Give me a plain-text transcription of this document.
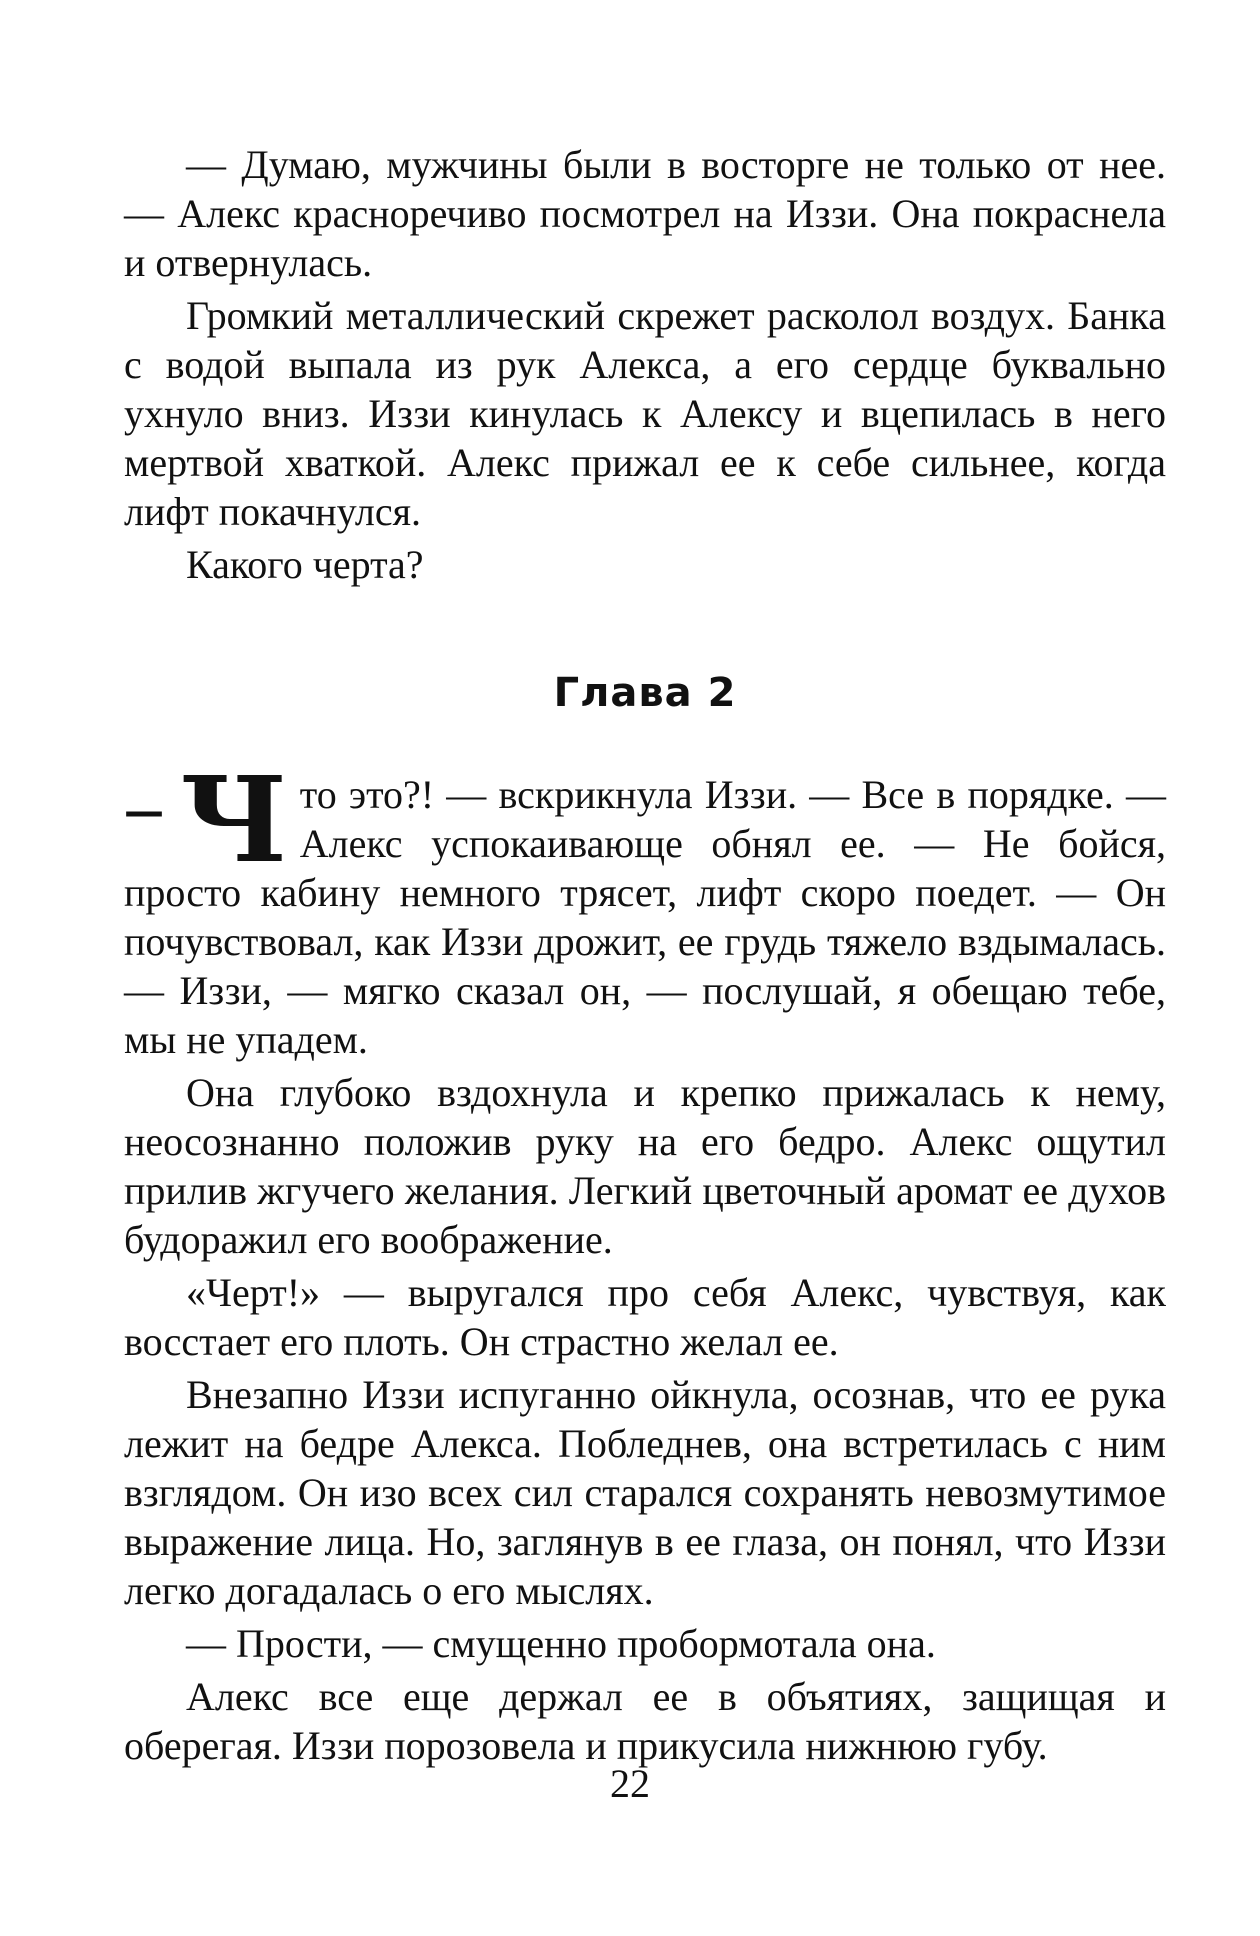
— Думаю, мужчины были в восторге не только от нее. — Алекс красноречиво посмотрел на Иззи. Она покраснела и отвернулась.

Громкий металлический скрежет расколол воздух. Банка с водой выпала из рук Алекса, а его сердце буквально ухнуло вниз. Иззи кинулась к Алексу и вцепилась в него мертвой хваткой. Алекс прижал ее к себе сильнее, когда лифт покачнулся.

Какого черта?

Глава 2

— Ч то это?! — вскрикнула Иззи. — Все в порядке. — Алекс успокаивающе обнял ее. — Не бойся, просто кабину немного трясет, лифт скоро поедет. — Он почувствовал, как Иззи дрожит, ее грудь тяжело вздымалась. — Иззи, — мягко сказал он, — послушай, я обещаю тебе, мы не упадем.

Она глубоко вздохнула и крепко прижалась к нему, неосознанно положив руку на его бедро. Алекс ощутил прилив жгучего желания. Легкий цветочный аромат ее духов будоражил его воображение.

«Черт!» — выругался про себя Алекс, чувствуя, как восстает его плоть. Он страстно желал ее.

Внезапно Иззи испуганно ойкнула, осознав, что ее рука лежит на бедре Алекса. Побледнев, она встретилась с ним взглядом. Он изо всех сил старался сохранять невозмутимое выражение лица. Но, заглянув в ее глаза, он понял, что Иззи легко догадалась о его мыслях.

— Прости, — смущенно пробормотала она.

Алекс все еще держал ее в объятиях, защищая и оберегая. Иззи порозовела и прикусила нижнюю губу.

22
